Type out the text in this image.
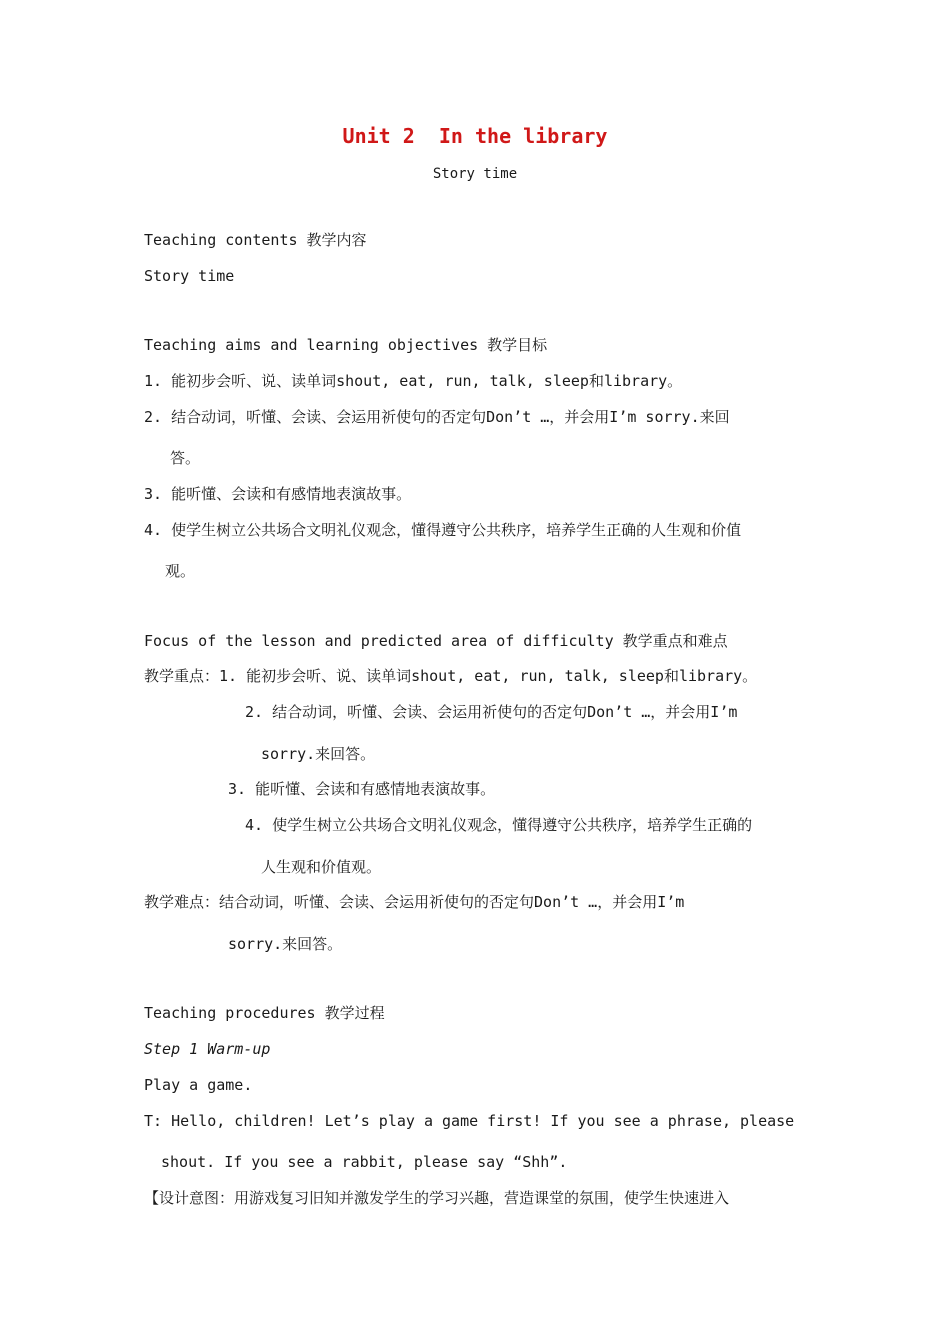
Unit 2  In the library
Story time
Teaching contents 教学内容
Story time
Teaching aims and learning objectives 教学目标
1. 能初步会听、说、读单词shout, eat, run, talk, sleep和library。
2. 结合动词，听懂、会读、会运用祈使句的否定句Don’t …，并会用I’m sorry.来回
答。
3. 能听懂、会读和有感情地表演故事。
4. 使学生树立公共场合文明礼仪观念，懂得遵守公共秩序，培养学生正确的人生观和价值
观。
Focus of the lesson and predicted area of difficulty 教学重点和难点
教学重点：1. 能初步会听、说、读单词shout, eat, run, talk, sleep和library。
2. 结合动词，听懂、会读、会运用祈使句的否定句Don’t …，并会用I’m
sorry.来回答。
3. 能听懂、会读和有感情地表演故事。
4. 使学生树立公共场合文明礼仪观念，懂得遵守公共秩序，培养学生正确的
人生观和价值观。
教学难点：结合动词，听懂、会读、会运用祈使句的否定句Don’t …，并会用I’m
sorry.来回答。
Teaching procedures 教学过程
Step 1 Warm-up
Play a game.
T: Hello, children! Let’s play a game first! If you see a phrase, please
shout. If you see a rabbit, please say “Shh”.
【设计意图：用游戏复习旧知并激发学生的学习兴趣，营造课堂的氛围，使学生快速进入
